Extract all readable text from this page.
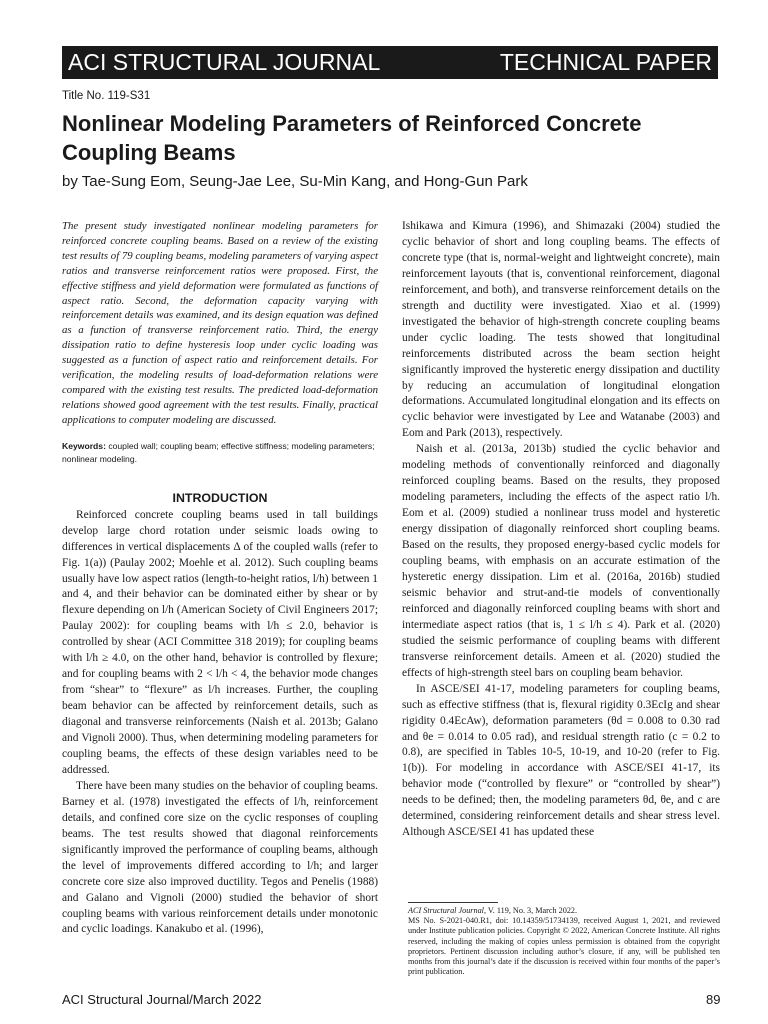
ACI STRUCTURAL JOURNAL	TECHNICAL PAPER
Title No. 119-S31
Nonlinear Modeling Parameters of Reinforced Concrete Coupling Beams
by Tae-Sung Eom, Seung-Jae Lee, Su-Min Kang, and Hong-Gun Park

The present study investigated nonlinear modeling parameters for reinforced concrete coupling beams. Based on a review of the existing test results of 79 coupling beams, modeling parameters of varying aspect ratios and transverse reinforcement ratios were proposed. First, the effective stiffness and yield deformation were formulated as functions of aspect ratio. Second, the deformation capacity varying with reinforcement details was examined, and its design equation was defined as a function of transverse reinforcement ratio. Third, the energy dissipation ratio to define hysteresis loop under cyclic loading was suggested as a function of aspect ratio and reinforcement details. For verification, the modeling results of load-deformation relations were compared with the existing test results. The predicted load-deformation relations showed good agreement with the test results. Finally, practical applications to computer modeling are discussed.

Keywords: coupled wall; coupling beam; effective stiffness; modeling parameters; nonlinear modeling.

INTRODUCTION

Reinforced concrete coupling beams used in tall buildings develop large chord rotation under seismic loads owing to differences in vertical displacements Δ of the coupled walls (refer to Fig. 1(a)) (Paulay 2002; Moehle et al. 2012). Such coupling beams usually have low aspect ratios (length-to-height ratios, l/h) between 1 and 4, and their behavior can be dominated either by shear or by flexure depending on l/h (American Society of Civil Engineers 2017; Paulay 2002): for coupling beams with l/h ≤ 2.0, behavior is controlled by shear (ACI Committee 318 2019); for coupling beams with l/h ≥ 4.0, on the other hand, behavior is controlled by flexure; and for coupling beams with 2 < l/h < 4, the behavior mode changes from “shear” to “flexure” as l/h increases. Further, the coupling beam behavior can be affected by reinforcement details, such as diagonal and transverse reinforcements (Naish et al. 2013b; Galano and Vignoli 2000). Thus, when determining modeling parameters for coupling beams, the effects of these design variables need to be addressed.

There have been many studies on the behavior of coupling beams. Barney et al. (1978) investigated the effects of l/h, reinforcement details, and confined core size on the cyclic responses of coupling beams. The test results showed that diagonal reinforcements significantly improved the performance of coupling beams, although the level of improvements differed according to l/h; and larger concrete core size also improved ductility. Tegos and Penelis (1988) and Galano and Vignoli (2000) studied the behavior of short coupling beams with various reinforcement details under monotonic and cyclic loadings. Kanakubo et al. (1996),

Ishikawa and Kimura (1996), and Shimazaki (2004) studied the cyclic behavior of short and long coupling beams. The effects of concrete type (that is, normal-weight and lightweight concrete), main reinforcement layouts (that is, conventional reinforcement, diagonal reinforcement, and both), and transverse reinforcement details on the strength and ductility were investigated. Xiao et al. (1999) investigated the behavior of high-strength concrete coupling beams under cyclic loading. The tests showed that longitudinal reinforcements distributed across the beam section height significantly improved the hysteretic energy dissipation and ductility by reducing an accumulation of longitudinal elongation deformations. Accumulated longitudinal elongation and its effects on cyclic behavior were investigated by Lee and Watanabe (2003) and Eom and Park (2013), respectively.

Naish et al. (2013a, 2013b) studied the cyclic behavior and modeling methods of conventionally reinforced and diagonally reinforced coupling beams. Based on the results, they proposed modeling parameters, including the effects of the aspect ratio l/h. Eom et al. (2009) studied a nonlinear truss model and hysteretic energy dissipation of diagonally reinforced short coupling beams. Based on the results, they proposed energy-based cyclic models for coupling beams, with emphasis on an accurate estimation of the hysteretic energy dissipation. Lim et al. (2016a, 2016b) studied seismic behavior and strut-and-tie models of conventionally reinforced and diagonally reinforced coupling beams with short and intermediate aspect ratios (that is, 1 ≤ l/h ≤ 4). Park et al. (2020) studied the seismic performance of coupling beams with different transverse reinforcement details. Ameen et al. (2020) studied the effects of high-strength steel bars on coupling beam behavior.

In ASCE/SEI 41-17, modeling parameters for coupling beams, such as effective stiffness (that is, flexural rigidity 0.3EcIg and shear rigidity 0.4EcAw), deformation parameters (θd = 0.008 to 0.30 rad and θe = 0.014 to 0.05 rad), and residual strength ratio (c = 0.2 to 0.8), are specified in Tables 10-5, 10-19, and 10-20 (refer to Fig. 1(b)). For modeling in accordance with ASCE/SEI 41-17, its behavior mode (“controlled by flexure” or “controlled by shear”) needs to be defined; then, the modeling parameters θd, θe, and c are determined, considering reinforcement details and shear stress level. Although ASCE/SEI 41 has updated these

ACI Structural Journal, V. 119, No. 3, March 2022.

MS No. S-2021-040.R1, doi: 10.14359/51734139, received August 1, 2021, and reviewed under Institute publication policies. Copyright © 2022, American Concrete Institute. All rights reserved, including the making of copies unless permission is obtained from the copyright proprietors. Pertinent discussion including author’s closure, if any, will be published ten months from this journal’s date if the discussion is received within four months of the paper’s print publication.

ACI Structural Journal/March 2022	89
